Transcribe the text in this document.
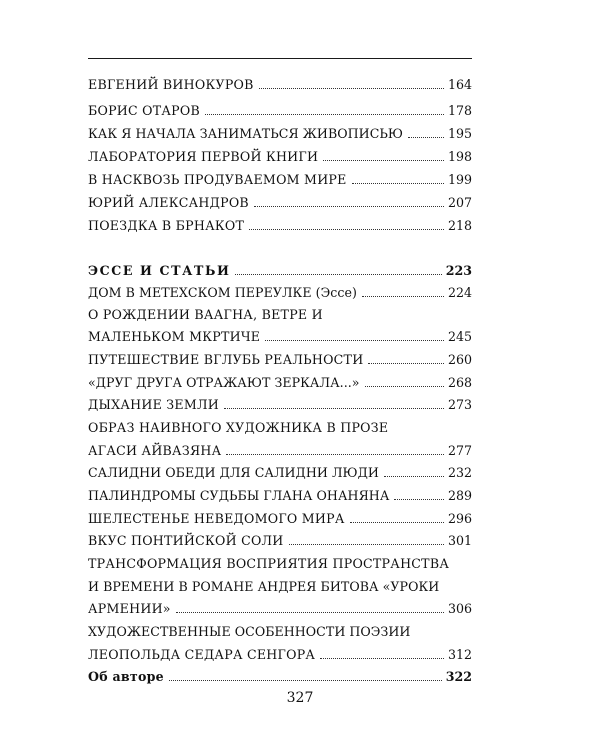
ЕВГЕНИЙ ВИНОКУРОВ	164
БОРИС ОТАРОВ	178
КАК Я НАЧАЛА ЗАНИМАТЬСЯ ЖИВОПИСЬЮ	195
ЛАБОРАТОРИЯ ПЕРВОЙ КНИГИ	198
В НАСКВОЗЬ ПРОДУВАЕМОМ МИРЕ	199
ЮРИЙ АЛЕКСАНДРОВ	207
ПОЕЗДКА В БРНАКОТ	218
ЭССЕ И СТАТЬИ	223
ДОМ В МЕТЕХСКОМ ПЕРЕУЛКЕ (Эссе)	224
О РОЖДЕНИИ ВААГНА, ВЕТРЕ И
МАЛЕНЬКОМ МКРТИЧЕ	245
ПУТЕШЕСТВИЕ ВГЛУБЬ РЕАЛЬНОСТИ	260
«ДРУГ ДРУГА ОТРАЖАЮТ ЗЕРКАЛА...»	268
ДЫХАНИЕ ЗЕМЛИ	273
ОБРАЗ НАИВНОГО ХУДОЖНИКА В ПРОЗЕ
АГАСИ АЙВАЗЯНА	277
САЛИДНИ ОБЕДИ ДЛЯ САЛИДНИ ЛЮДИ	232
ПАЛИНДРОМЫ СУДЬБЫ ГЛАНА ОНАНЯНА	289
ШЕЛЕСТЕНЬЕ НЕВЕДОМОГО МИРА	296
ВКУС ПОНТИЙСКОЙ СОЛИ	301
ТРАНСФОРМАЦИЯ ВОСПРИЯТИЯ ПРОСТРАНСТВА
И ВРЕМЕНИ В РОМАНЕ АНДРЕЯ БИТОВА «УРОКИ
АРМЕНИИ»	306
ХУДОЖЕСТВЕННЫЕ ОСОБЕННОСТИ ПОЭЗИИ
ЛЕОПОЛЬДА СЕДАРА СЕНГОРА	312
Об авторе	322
327
